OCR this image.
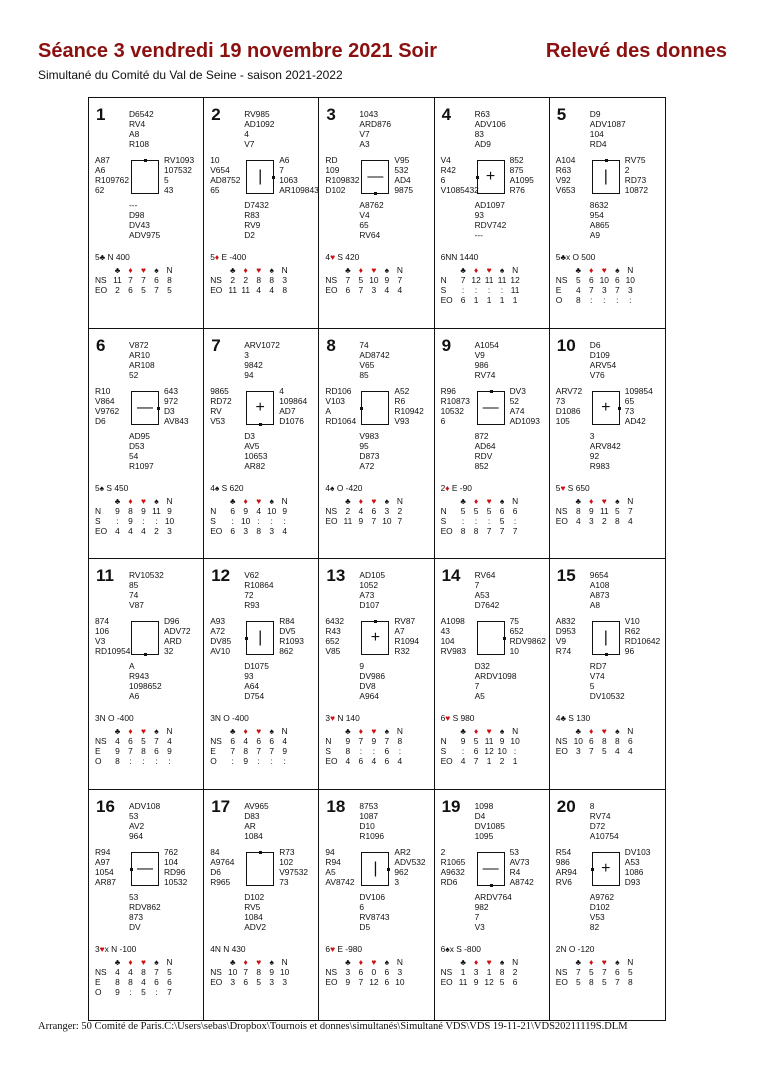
Séance 3 vendredi 19 novembre 2021 Soir	Relevé des donnes
Simultané du Comité du Val de Seine - saison 2021-2022
1	D6542
RV4
A8
R108
A87
A6
R109762
62
RV1093
107532
5
43
---
D98
DV43
ADV975
5♣ N 400
♣ ♦ ♥ ♠ N
NS 11 7 7 6 8
EO 2 6 5 7 5
2	RV985
AD1092
4
V7
10
V654
AD8752
65
A6
7
1063
AR109843
D7432
R83
RV9
D2
|
5♦ E -400
♣ ♦ ♥ ♠ N
NS 2 2 8 8 3
EO 11 11 4 4 8
3	1043
ARD876
V7
A3
RD
109
R109832
D102
V95
532
AD4
9875
A8762
V4
65
RV64
—
4♥ S 420
♣ ♦ ♥ ♠ N
NS 7 5 10 9 7
EO 6 7 3 4 4
4	R63
ADV106
83
AD9
V4
R42
6
V1085432
852
875
A1095
R76
AD1097
93
RDV742
---
+
6NN 1440
♣ ♦ ♥ ♠ N
N 7 12 11 11 12
S : : : : 11
EO 6 1 1 1 1
5	D9
ADV1087
104
RD4
A104
R63
V92
V653
RV75
2
RD73
10872
8632
954
A865
A9
|
5♣x O 500
♣ ♦ ♥ ♠ N
NS 5 6 10 6 10
E 4 7 3 7 3
O 8 : : : :
6	V872
AR10
AR108
52
R10
V864
V9762
D6
643
972
D3
AV843
AD95
D53
54
R1097
—
5♠ S 450
♣ ♦ ♥ ♠ N
N 9 8 9 11 9
S : 9 : : 10
EO 4 4 4 2 3
7	ARV1072
3
9842
94
9865
RD72
RV
V53
4
109864
AD7
D1076
D3
AV5
10653
AR82
+
4♠ S 620
♣ ♦ ♥ ♠ N
N 6 9 4 10 9
S : 10 : : :
EO 6 3 8 3 4
8	74
AD8742
V65
85
RD106
V103
A
RD1064
A52
R6
R10942
V93
V983
95
D873
A72
4♠ O -420
♣ ♦ ♥ ♠ N
NS 2 4 6 3 2
EO 11 9 7 10 7
9	A1054
V9
986
RV74
R96
R10873
10532
6
DV3
52
A74
AD1093
872
AD64
RDV
852
—
2♦ E -90
♣ ♦ ♥ ♠ N
N 5 5 5 6 6
S : : : 5 :
EO 8 8 7 7 7
10 D6
D109
ARV54
V76
ARV72
73
D1086
105
109854
65
73
AD42
3
ARV842
92
R983
+
5♥ S 650
♣ ♦ ♥ ♠ N
NS 8 9 11 5 7
EO 4 3 2 8 4
11 RV10532
85
74
V87
874
106
V3
RD10954
D96
ADV72
ARD
32
A
R943
1098652
A6
3N O -400
♣ ♦ ♥ ♠ N
NS 4 6 5 7 4
E 9 7 8 6 9
O 8 : : : :
12 V62
R10864
72
R93
A93
A72
DV85
AV10
R84
DV5
R1093
862
D1075
93
A64
D754
|
3N O -400
♣ ♦ ♥ ♠ N
NS 6 4 6 6 4
E 7 8 7 7 9
O : 9 : : :
13 AD105
1052
A73
D107
6432
R43
652
V85
RV87
A7
R1094
R32
9
DV986
DV8
A964
+
3♥ N 140
♣ ♦ ♥ ♠ N
N 9 7 9 7 8
S 8 : : 6 :
EO 4 6 4 6 4
14 RV64
7
A53
D7642
A1098
43
104
RV983
75
652
RDV9862
10
D32
ARDV1098
7
A5
6♥ S 980
♣ ♦ ♥ ♠ N
N 9 5 11 9 10
S : 6 12 10 :
EO 4 7 1 2 1
15 9654
A108
A873
A8
A832
D953
V9
R74
V10
R62
RD10642
96
RD7
V74
5
DV10532
|
4♣ S 130
♣ ♦ ♥ ♠ N
NS 10 6 8 8 6
EO 3 7 5 4 4
16 ADV108
53
AV2
964
R94
A97
1054
AR87
762
104
RD96
10532
53
RDV862
873
DV
—
3♥x N -100
♣ ♦ ♥ ♠ N
NS 4 4 8 7 5
E 8 8 4 6 6
O 9 : 5 : 7
17 AV965
D83
AR
1084
84
A9764
D6
R965
R73
102
V97532
73
D102
RV5
1084
ADV2
4N N 430
♣ ♦ ♥ ♠ N
NS 10 7 8 9 10
EO 3 6 5 3 3
18 8753
1087
D10
R1096
94
R94
A5
AV8742
AR2
ADV532
962
3
DV106
6
RV8743
D5
|
6♥ E -980
♣ ♦ ♥ ♠ N
NS 3 6 0 6 3
EO 9 7 12 6 10
19 1098
D4
DV1085
1095
2
R1065
A9632
RD6
53
AV73
R4
A8742
ARDV764
982
7
V3
—
6♠x S -800
♣ ♦ ♥ ♠ N
NS 1 3 1 8 2
EO 11 9 12 5 6
20 8
RV74
D72
A10754
R54
986
AR94
RV6
DV103
A53
1086
D93
A9762
D102
V53
82
+
2N O -120
♣ ♦ ♥ ♠ N
NS 7 5 7 6 5
EO 5 8 5 7 8
Arranger: 50 Comité de Paris.C:\Users\sebas\Dropbox\Tournois et donnes\simultanés\Simultané VDS\VDS 19-11-21\VDS20211119S.DLM
